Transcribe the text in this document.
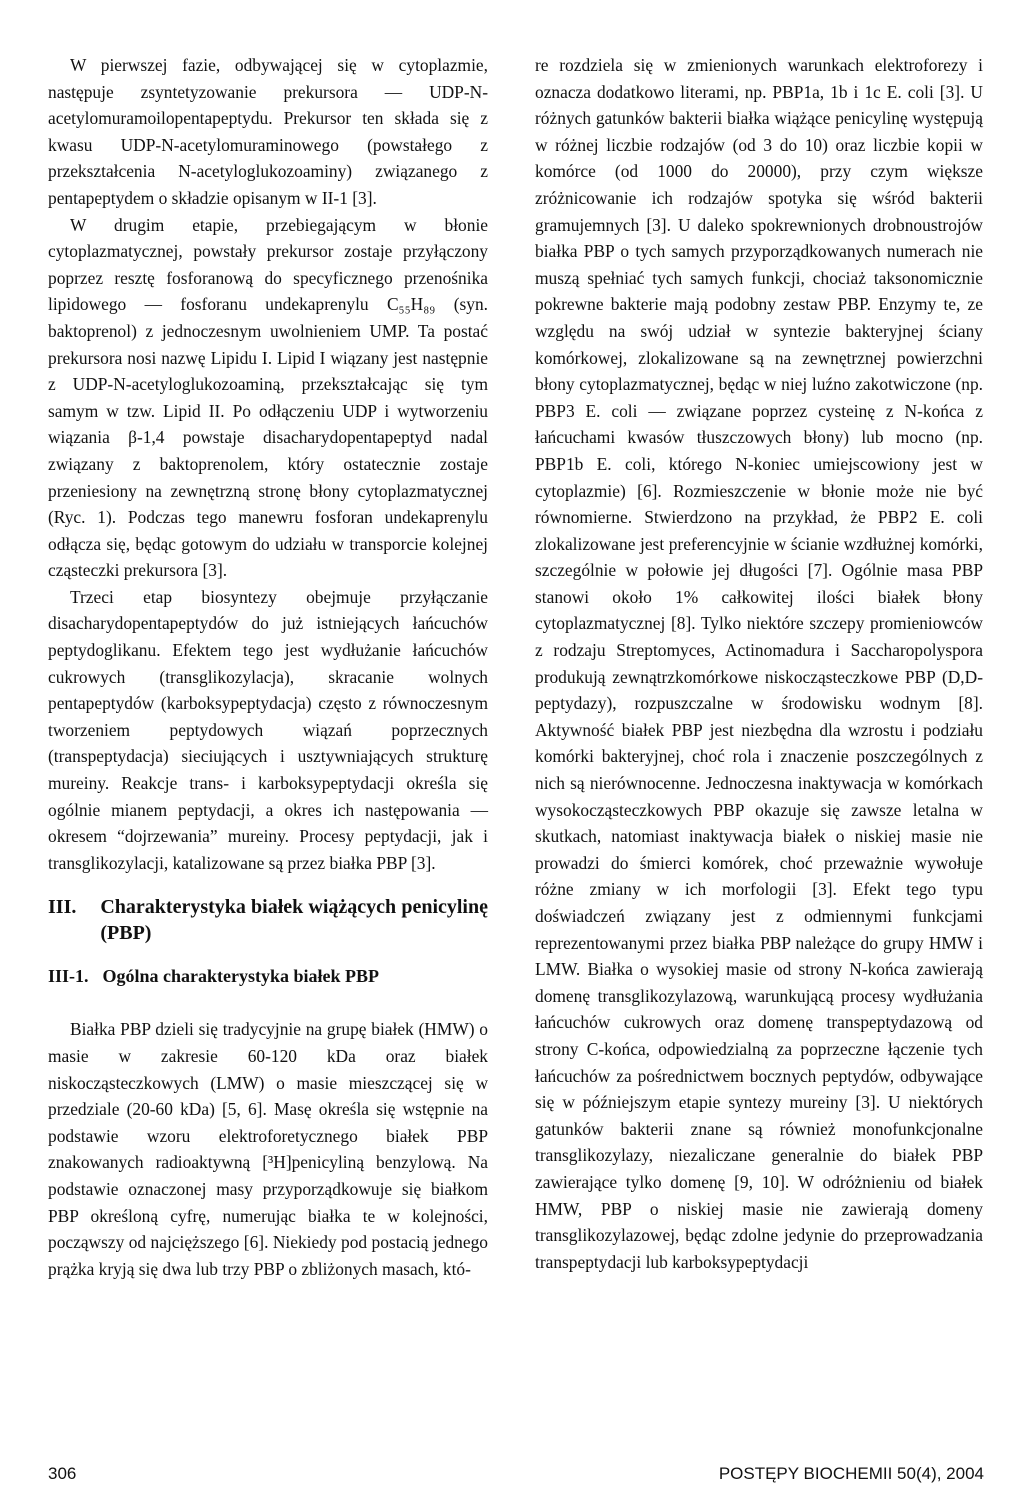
W pierwszej fazie, odbywającej się w cytoplazmie, następuje zsyntetyzowanie prekursora — UDP-N-acetylomuramoilopentapeptydu. Prekursor ten składa się z kwasu UDP-N-acetylomuraminowego (powstałego z przekształcenia N-acetyloglukozoaminy) związanego z pentapeptydem o składzie opisanym w II-1 [3].

W drugim etapie, przebiegającym w błonie cytoplazmatycznej, powstały prekursor zostaje przyłączony poprzez resztę fosforanową do specyficznego przenośnika lipidowego — fosforanu undekaprenylu C₅₅H₈₉ (syn. baktoprenol) z jednoczesnym uwolnieniem UMP. Ta postać prekursora nosi nazwę Lipidu I. Lipid I wiązany jest następnie z UDP-N-acetyloglukozoaminą, przekształcając się tym samym w tzw. Lipid II. Po odłączeniu UDP i wytworzeniu wiązania β-1,4 powstaje disacharydopentapeptyd nadal związany z baktoprenolem, który ostatecznie zostaje przeniesiony na zewnętrzną stronę błony cytoplazmatycznej (Ryc. 1). Podczas tego manewru fosforan undekaprenylu odłącza się, będąc gotowym do udziału w transporcie kolejnej cząsteczki prekursora [3].

Trzeci etap biosyntezy obejmuje przyłączanie disacharydopentapeptydów do już istniejących łańcuchów peptydoglikanu. Efektem tego jest wydłużanie łańcuchów cukrowych (transglikozylacja), skracanie wolnych pentapeptydów (karboksypeptydacja) często z równoczesnym tworzeniem peptydowych wiązań poprzecznych (transpeptydacja) sieciujących i usztywniających strukturę mureiny. Reakcje trans- i karboksypeptydacji określa się ogólnie mianem peptydacji, a okres ich następowania — okresem “dojrzewania” mureiny. Procesy peptydacji, jak i transglikozylacji, katalizowane są przez białka PBP [3].

III. Charakterystyka białek wiążących penicylinę (PBP)
III-1. Ogólna charakterystyka białek PBP

Białka PBP dzieli się tradycyjnie na grupę białek (HMW) o masie w zakresie 60-120 kDa oraz białek niskocząsteczkowych (LMW) o masie mieszczącej się w przedziale (20-60 kDa) [5, 6]. Masę określa się wstępnie na podstawie wzoru elektroforetycznego białek PBP znakowanych radioaktywną [³H]penicyliną benzylową. Na podstawie oznaczonej masy przyporządkowuje się białkom PBP określoną cyfrę, numerując białka te w kolejności, począwszy od najcięższego [6]. Niekiedy pod postacią jednego prążka kryją się dwa lub trzy PBP o zbliżonych masach, któ-

re rozdziela się w zmienionych warunkach elektroforezy i oznacza dodatkowo literami, np. PBP1a, 1b i 1c E. coli [3]. U różnych gatunków bakterii białka wiążące penicylinę występują w różnej liczbie rodzajów (od 3 do 10) oraz liczbie kopii w komórce (od 1000 do 20000), przy czym większe zróżnicowanie ich rodzajów spotyka się wśród bakterii gramujemnych [3]. U daleko spokrewnionych drobnoustrojów białka PBP o tych samych przyporządkowanych numerach nie muszą spełniać tych samych funkcji, chociaż taksonomicznie pokrewne bakterie mają podobny zestaw PBP. Enzymy te, ze względu na swój udział w syntezie bakteryjnej ściany komórkowej, zlokalizowane są na zewnętrznej powierzchni błony cytoplazmatycznej, będąc w niej luźno zakotwiczone (np. PBP3 E. coli — związane poprzez cysteinę z N-końca z łańcuchami kwasów tłuszczowych błony) lub mocno (np. PBP1b E. coli, którego N-koniec umiejscowiony jest w cytoplazmie) [6]. Rozmieszczenie w błonie może nie być równomierne. Stwierdzono na przykład, że PBP2 E. coli zlokalizowane jest preferencyjnie w ścianie wzdłużnej komórki, szczególnie w połowie jej długości [7]. Ogólnie masa PBP stanowi około 1% całkowitej ilości białek błony cytoplazmatycznej [8]. Tylko niektóre szczepy promieniowców z rodzaju Streptomyces, Actinomadura i Saccharopolyspora produkują zewnątrzkomórkowe niskocząsteczkowe PBP (D,D-peptydazy), rozpuszczalne w środowisku wodnym [8]. Aktywność białek PBP jest niezbędna dla wzrostu i podziału komórki bakteryjnej, choć rola i znaczenie poszczególnych z nich są nierównocenne. Jednoczesna inaktywacja w komórkach wysokocząsteczkowych PBP okazuje się zawsze letalna w skutkach, natomiast inaktywacja białek o niskiej masie nie prowadzi do śmierci komórek, choć przeważnie wywołuje różne zmiany w ich morfologii [3]. Efekt tego typu doświadczeń związany jest z odmiennymi funkcjami reprezentowanymi przez białka PBP należące do grupy HMW i LMW. Białka o wysokiej masie od strony N-końca zawierają domenę transglikozylazową, warunkującą procesy wydłużania łańcuchów cukrowych oraz domenę transpeptydazową od strony C-końca, odpowiedzialną za poprzeczne łączenie tych łańcuchów za pośrednictwem bocznych peptydów, odbywające się w późniejszym etapie syntezy mureiny [3]. U niektórych gatunków bakterii znane są również monofunkcjonalne transglikozylazy, niezaliczane generalnie do białek PBP zawierające tylko domenę [9, 10]. W odróżnieniu od białek HMW, PBP o niskiej masie nie zawierają domeny transglikozylazowej, będąc zdolne jedynie do przeprowadzania transpeptydacji lub karboksypeptydacji

306	POSTĘPY BIOCHEMII 50(4), 2004
